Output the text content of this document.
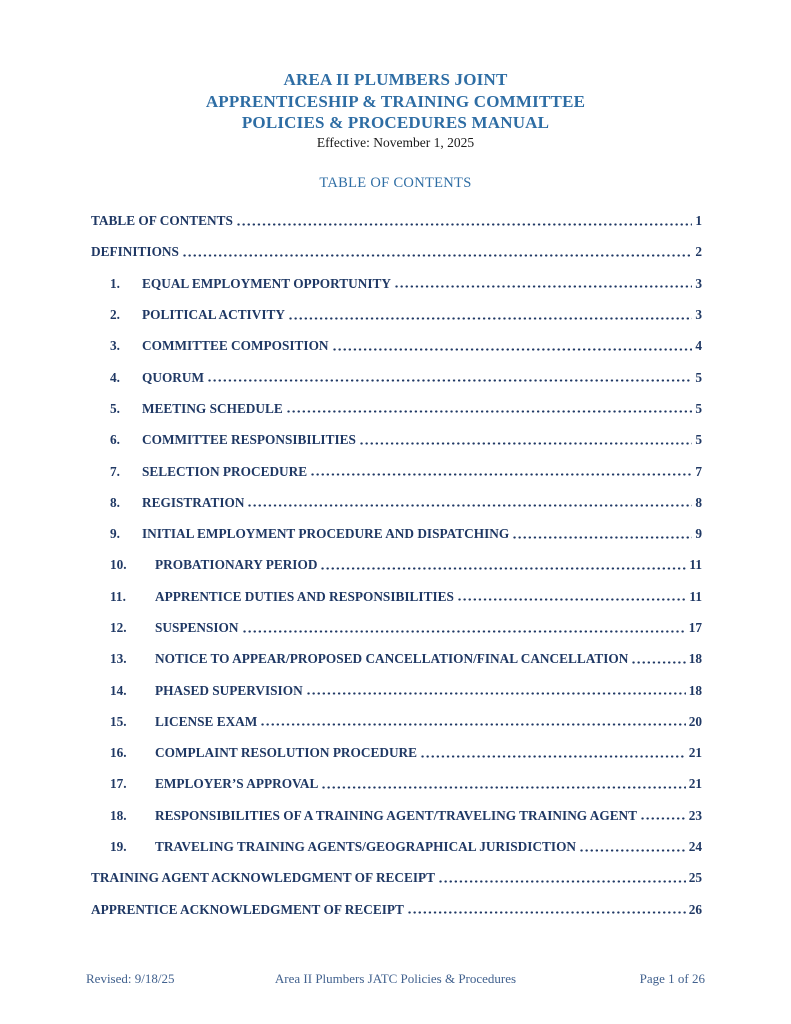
AREA II PLUMBERS JOINT
APPRENTICESHIP & TRAINING COMMITTEE
POLICIES & PROCEDURES MANUAL
Effective: November 1, 2025
TABLE OF CONTENTS
TABLE OF CONTENTS	1
DEFINITIONS	2
1.	EQUAL EMPLOYMENT OPPORTUNITY	3
2.	POLITICAL ACTIVITY	3
3.	COMMITTEE COMPOSITION	4
4.	QUORUM	5
5.	MEETING SCHEDULE	5
6.	COMMITTEE RESPONSIBILITIES	5
7.	SELECTION PROCEDURE	7
8.	REGISTRATION	8
9.	INITIAL EMPLOYMENT PROCEDURE AND DISPATCHING	9
10.	PROBATIONARY PERIOD	11
11.	APPRENTICE DUTIES AND RESPONSIBILITIES	11
12.	SUSPENSION	17
13.	NOTICE TO APPEAR/PROPOSED CANCELLATION/FINAL CANCELLATION	18
14.	PHASED SUPERVISION	18
15.	LICENSE EXAM	20
16.	COMPLAINT RESOLUTION PROCEDURE	21
17.	EMPLOYER’S APPROVAL	21
18.	RESPONSIBILITIES OF A TRAINING AGENT/TRAVELING TRAINING AGENT	23
19.	TRAVELING TRAINING AGENTS/GEOGRAPHICAL JURISDICTION	24
TRAINING AGENT ACKNOWLEDGMENT OF RECEIPT	25
APPRENTICE ACKNOWLEDGMENT OF RECEIPT	26
Revised: 9/18/25	Area II Plumbers JATC Policies & Procedures	Page 1 of 26
